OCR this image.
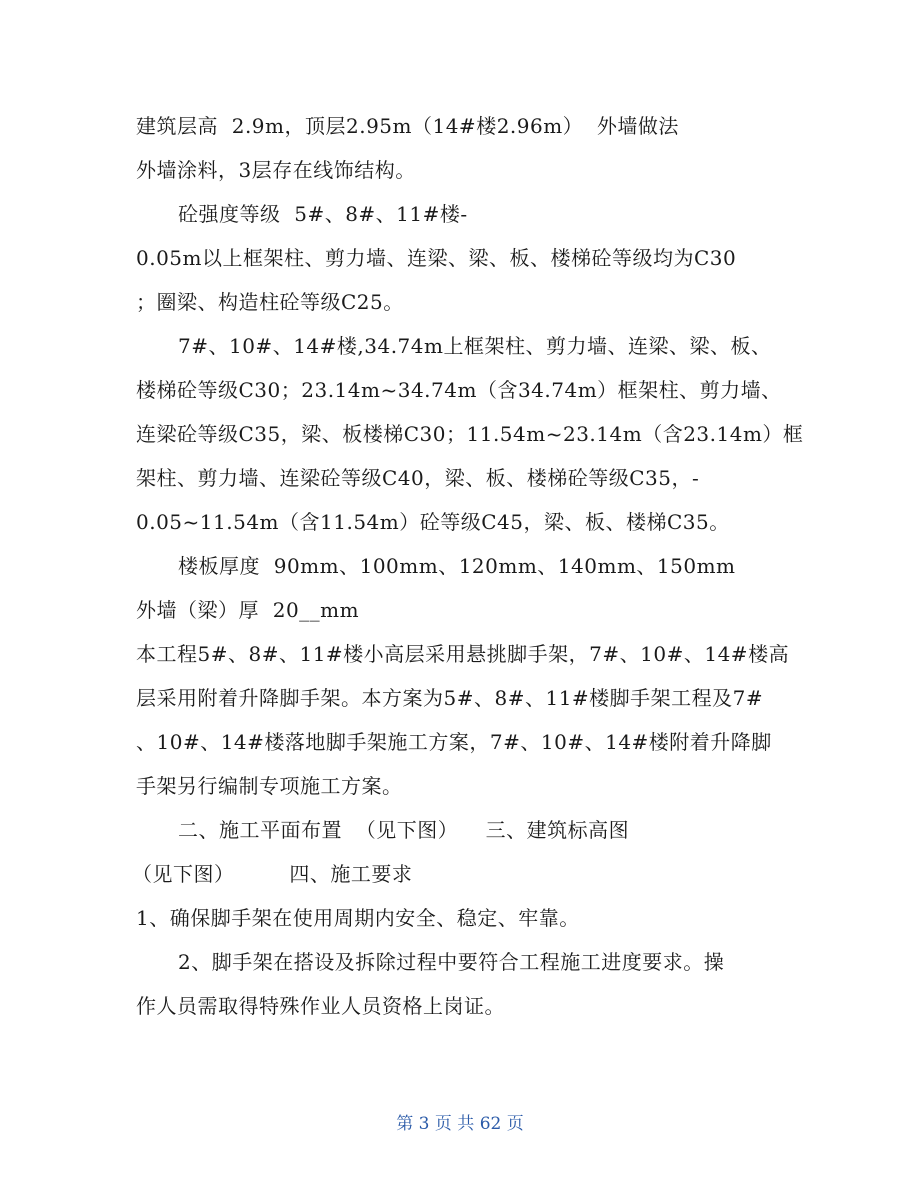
建筑层高  2.9m，顶层2.95m（14#楼2.96m）  外墙做法
外墙涂料，3层存在线饰结构。
砼强度等级  5#、8#、11#楼-
0.05m以上框架柱、剪力墙、连梁、梁、板、楼梯砼等级均为C30
；圈梁、构造柱砼等级C25。
7#、10#、14#楼,34.74m上框架柱、剪力墙、连梁、梁、板、
楼梯砼等级C30；23.14m~34.74m（含34.74m）框架柱、剪力墙、
连梁砼等级C35，梁、板楼梯C30；11.54m~23.14m（含23.14m）框
架柱、剪力墙、连梁砼等级C40，梁、板、楼梯砼等级C35，-
0.05~11.54m（含11.54m）砼等级C45，梁、板、楼梯C35。
楼板厚度  90mm、100mm、120mm、140mm、150mm
外墙（梁）厚  20__mm
本工程5#、8#、11#楼小高层采用悬挑脚手架，7#、10#、14#楼高
层采用附着升降脚手架。本方案为5#、8#、11#楼脚手架工程及7#
、10#、14#楼落地脚手架施工方案，7#、10#、14#楼附着升降脚
手架另行编制专项施工方案。
二、施工平面布置  （见下图）    三、建筑标高图
（见下图）        四、施工要求
1、确保脚手架在使用周期内安全、稳定、牢靠。
2、脚手架在搭设及拆除过程中要符合工程施工进度要求。操
作人员需取得特殊作业人员资格上岗证。
第 3 页 共 62 页
